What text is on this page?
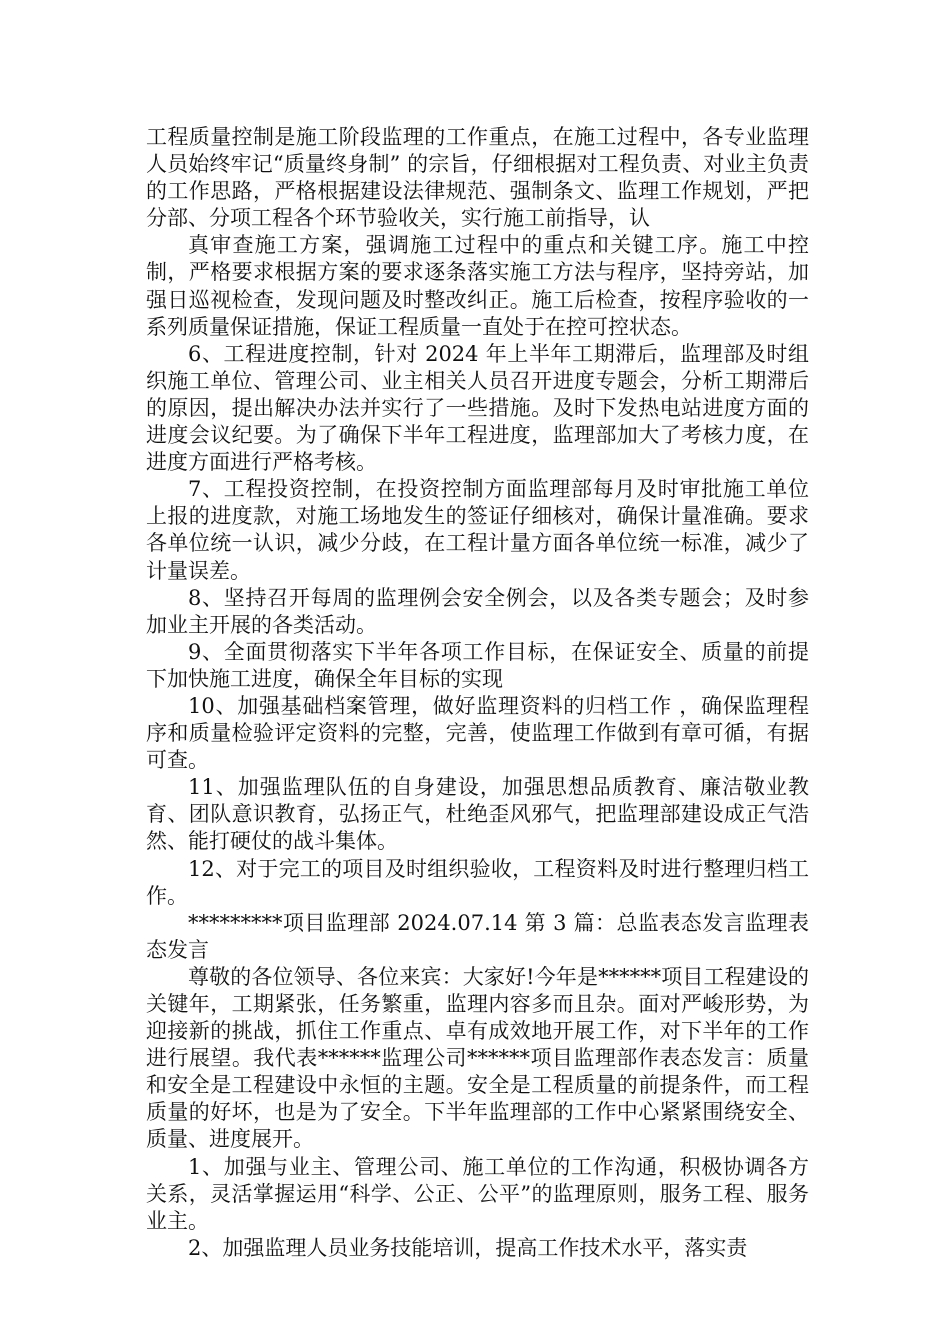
工程质量控制是施工阶段监理的工作重点，在施工过程中，各专业监理人员始终牢记“质量终身制” 的宗旨，仔细根据对工程负责、对业主负责的工作思路，严格根据建设法律规范、强制条文、监理工作规划，严把分部、分项工程各个环节验收关，实行施工前指导，认

真审查施工方案，强调施工过程中的重点和关键工序。施工中控制，严格要求根据方案的要求逐条落实施工方法与程序，坚持旁站，加强日巡视检查，发现问题及时整改纠正。施工后检查，按程序验收的一系列质量保证措施，保证工程质量一直处于在控可控状态。

6、工程进度控制，针对 2024 年上半年工期滞后，监理部及时组织施工单位、管理公司、业主相关人员召开进度专题会，分析工期滞后的原因，提出解决办法并实行了一些措施。及时下发热电站进度方面的进度会议纪要。为了确保下半年工程进度，监理部加大了考核力度，在进度方面进行严格考核。

7、工程投资控制，在投资控制方面监理部每月及时审批施工单位上报的进度款，对施工场地发生的签证仔细核对，确保计量准确。要求各单位统一认识，减少分歧，在工程计量方面各单位统一标准，减少了计量误差。

8、坚持召开每周的监理例会安全例会，以及各类专题会；及时参加业主开展的各类活动。

9、全面贯彻落实下半年各项工作目标，在保证安全、质量的前提下加快施工进度，确保全年目标的实现

10、加强基础档案管理，做好监理资料的归档工作 ，确保监理程序和质量检验评定资料的完整，完善，使监理工作做到有章可循，有据可查。

11、加强监理队伍的自身建设，加强思想品质教育、廉洁敬业教育、团队意识教育，弘扬正气，杜绝歪风邪气，把监理部建设成正气浩然、能打硬仗的战斗集体。

12、对于完工的项目及时组织验收，工程资料及时进行整理归档工作。

*********项目监理部 2024.07.14 第 3 篇：总监表态发言监理表态发言

尊敬的各位领导、各位来宾：大家好!今年是******项目工程建设的关键年，工期紧张，任务繁重，监理内容多而且杂。面对严峻形势，为迎接新的挑战，抓住工作重点、卓有成效地开展工作，对下半年的工作进行展望。我代表******监理公司******项目监理部作表态发言：质量和安全是工程建设中永恒的主题。安全是工程质量的前提条件，而工程质量的好坏，也是为了安全。下半年监理部的工作中心紧紧围绕安全、质量、进度展开。

1、加强与业主、管理公司、施工单位的工作沟通，积极协调各方关系，灵活掌握运用“科学、公正、公平”的监理原则，服务工程、服务业主。

2、加强监理人员业务技能培训，提高工作技术水平，落实责
